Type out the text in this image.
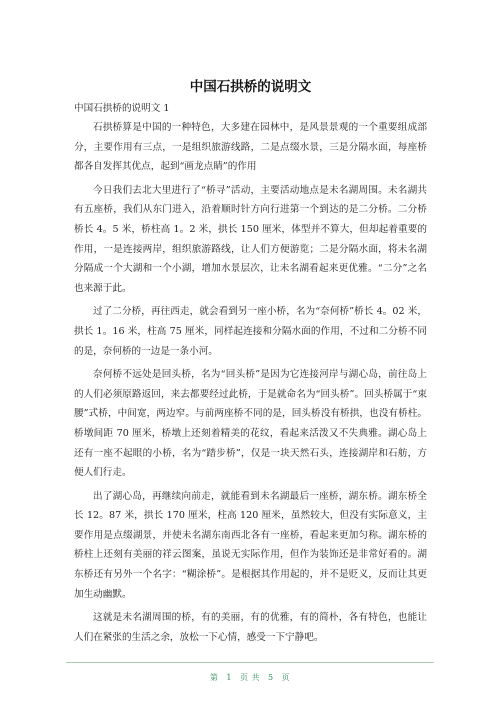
中国石拱桥的说明文
中国石拱桥的说明文 1

石拱桥算是中国的一种特色，大多建在园林中，是风景景观的一个重要组成部分，主要作用有三点，一是组织旅游线路，二是点缀水景，三是分隔水面，每座桥都各自发挥其优点，起到“画龙点睛”的作用

今日我们去北大里进行了“桥寻”活动，主要活动地点是未名湖周围。未名湖共有五座桥，我们从东门进入，沿着顺时针方向行进第一个到达的是二分桥。二分桥桥长 4。5 米，桥柱高 1。2 米，拱长 150 厘米，体型并不算大，但却起着重要的作用，一是连接两岸，组织旅游路线，让人们方便游览；二是分隔水面，将未名湖分隔成一个大湖和一个小湖，增加水景层次，让未名湖看起来更优雅。“二分”之名也来源于此。

过了二分桥，再往西走，就会看到另一座小桥，名为“奈何桥”桥长 4。02 米，拱长 1。16 米，柱高 75 厘米，同样起连接和分隔水面的作用，不过和二分桥不同的是，奈何桥的一边是一条小河。

奈何桥不远处是回头桥，名为“回头桥”是因为它连接河岸与湖心岛，前往岛上的人们必须原路返回，来去都要经过此桥，于是就命名为“回头桥”。回头桥属于“束腰”式桥，中间宽，两边窄。与前两座桥不同的是，回头桥没有桥拱，也没有桥柱。桥墩间距 70 厘米，桥墩上还刻着精美的花纹，看起来活泼又不失典雅。湖心岛上还有一座不起眼的小桥，名为“踏步桥”，仅是一块天然石头，连接湖岸和石舫，方便人们行走。

出了湖心岛，再继续向前走，就能看到未名湖最后一座桥，湖东桥。湖东桥全长 12。87 米，拱长 170 厘米，柱高 120 厘米，虽然较大，但没有实际意义，主要作用是点缀湖景，并使未名湖东南西北各有一座桥，看起来更加匀称。湖东桥的桥柱上还刻有美丽的祥云图案，虽说无实际作用，但作为装饰还是非常好看的。湖东桥还有另外一个名字：“糊涂桥”。是根据其作用起的，并不是贬义，反而让其更加生动幽默。

这就是未名湖周围的桥，有的美丽，有的优雅，有的简朴，各有特色，也能让人们在紧张的生活之余，放松一下心情，感受一下宁静吧。

第 1 页 共 5 页
